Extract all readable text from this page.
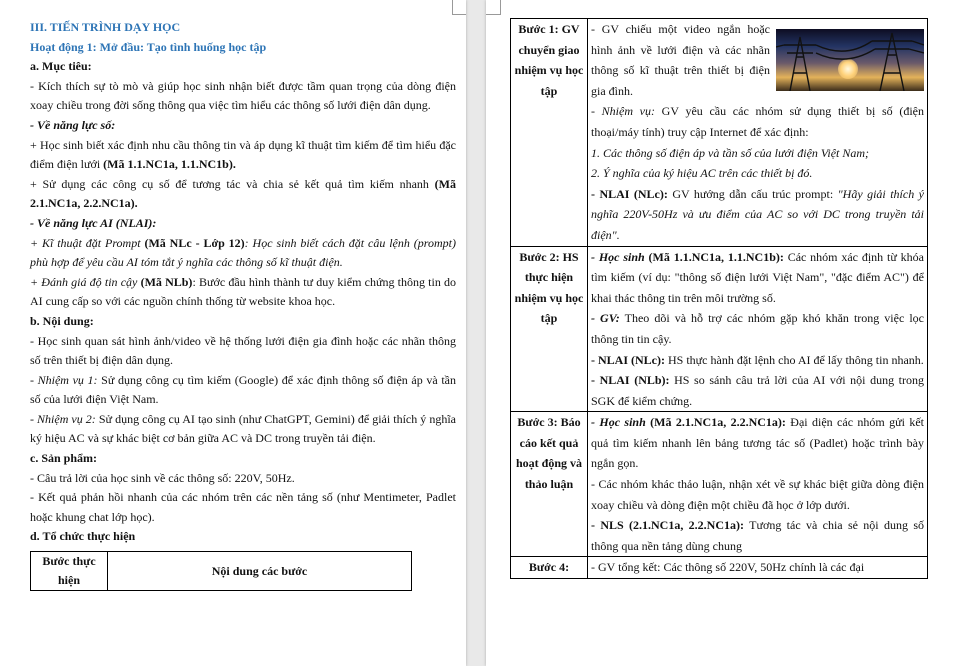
III. TIẾN TRÌNH DẠY HỌC

Hoạt động 1: Mở đầu: Tạo tình huống học tập

a. Mục tiêu:

- Kích thích sự tò mò và giúp học sinh nhận biết được tầm quan trọng của dòng điện xoay chiều trong đời sống thông qua việc tìm hiểu các thông số lưới điện dân dụng.

- Về năng lực số:

+ Học sinh biết xác định nhu cầu thông tin và áp dụng kĩ thuật tìm kiếm để tìm hiểu đặc điểm điện lưới (Mã 1.1.NC1a, 1.1.NC1b).

+ Sử dụng các công cụ số để tương tác và chia sẻ kết quả tìm kiếm nhanh (Mã 2.1.NC1a, 2.2.NC1a).

- Về năng lực AI (NLAI):

+ Kĩ thuật đặt Prompt (Mã NLc - Lớp 12): Học sinh biết cách đặt câu lệnh (prompt) phù hợp để yêu cầu AI tóm tắt ý nghĩa các thông số kĩ thuật điện.

+ Đánh giá độ tin cậy (Mã NLb): Bước đầu hình thành tư duy kiểm chứng thông tin do AI cung cấp so với các nguồn chính thống từ website khoa học.

b. Nội dung:

- Học sinh quan sát hình ảnh/video về hệ thống lưới điện gia đình hoặc các nhãn thông số trên thiết bị điện dân dụng.

- Nhiệm vụ 1: Sử dụng công cụ tìm kiếm (Google) để xác định thông số điện áp và tần số của lưới điện Việt Nam.

- Nhiệm vụ 2: Sử dụng công cụ AI tạo sinh (như ChatGPT, Gemini) để giải thích ý nghĩa ký hiệu AC và sự khác biệt cơ bản giữa AC và DC trong truyền tải điện.

c. Sản phẩm:

- Câu trả lời của học sinh về các thông số: 220V, 50Hz.

- Kết quả phản hồi nhanh của các nhóm trên các nền tảng số (như Mentimeter, Padlet hoặc khung chat lớp học).

d. Tổ chức thực hiện

Bước thực hiện	Nội dung các bước
Bước 1: GV chuyển giao nhiệm vụ học tập	- GV chiếu một video ngắn hoặc hình ảnh về lưới điện và các nhãn thông số kĩ thuật trên thiết bị điện gia đình.

- Nhiệm vụ: GV yêu cầu các nhóm sử dụng thiết bị số (điện thoại/máy tính) truy cập Internet để xác định:

1. Các thông số điện áp và tần số của lưới điện Việt Nam;

2. Ý nghĩa của ký hiệu AC trên các thiết bị đó.

- NLAI (NLc): GV hướng dẫn cấu trúc prompt: "Hãy giải thích ý nghĩa 220V-50Hz và ưu điểm của AC so với DC trong truyền tải điện".

Bước 2: HS thực hiện nhiệm vụ học tập	- Học sinh (Mã 1.1.NC1a, 1.1.NC1b): Các nhóm xác định từ khóa tìm kiếm (ví dụ: "thông số điện lưới Việt Nam", "đặc điểm AC") để khai thác thông tin trên môi trường số.

- GV: Theo dõi và hỗ trợ các nhóm gặp khó khăn trong việc lọc thông tin tin cậy.

- NLAI (NLc): HS thực hành đặt lệnh cho AI để lấy thông tin nhanh.

- NLAI (NLb): HS so sánh câu trả lời của AI với nội dung trong SGK để kiểm chứng.

Bước 3: Báo cáo kết quả hoạt động và thảo luận	- Học sinh (Mã 2.1.NC1a, 2.2.NC1a): Đại diện các nhóm gửi kết quả tìm kiếm nhanh lên bảng tương tác số (Padlet) hoặc trình bày ngắn gọn.

- Các nhóm khác thảo luận, nhận xét về sự khác biệt giữa dòng điện xoay chiều và dòng điện một chiều đã học ở lớp dưới.

- NLS (2.1.NC1a, 2.2.NC1a): Tương tác và chia sẻ nội dung số thông qua nền tảng dùng chung

Bước 4:	- GV tổng kết: Các thông số 220V, 50Hz chính là các đại
